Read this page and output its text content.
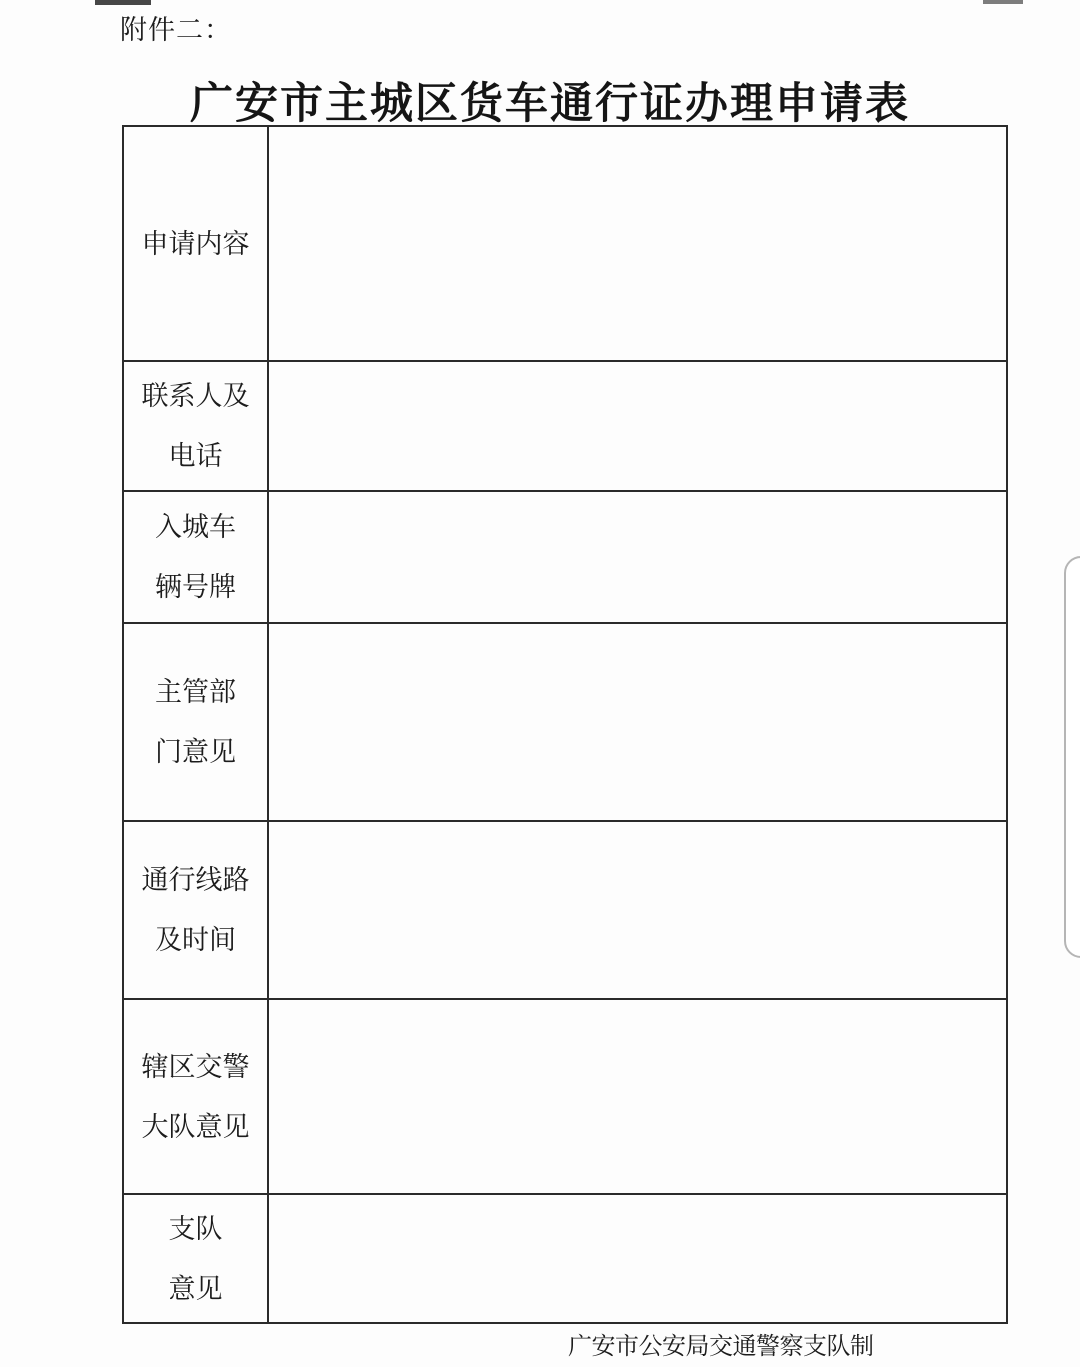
附件二：
广安市主城区货车通行证办理申请表
申请内容
联系人及
电话
入城车
辆号牌
主管部
门意见
通行线路
及时间
辖区交警
大队意见
支队
意见
广安市公安局交通警察支队制
